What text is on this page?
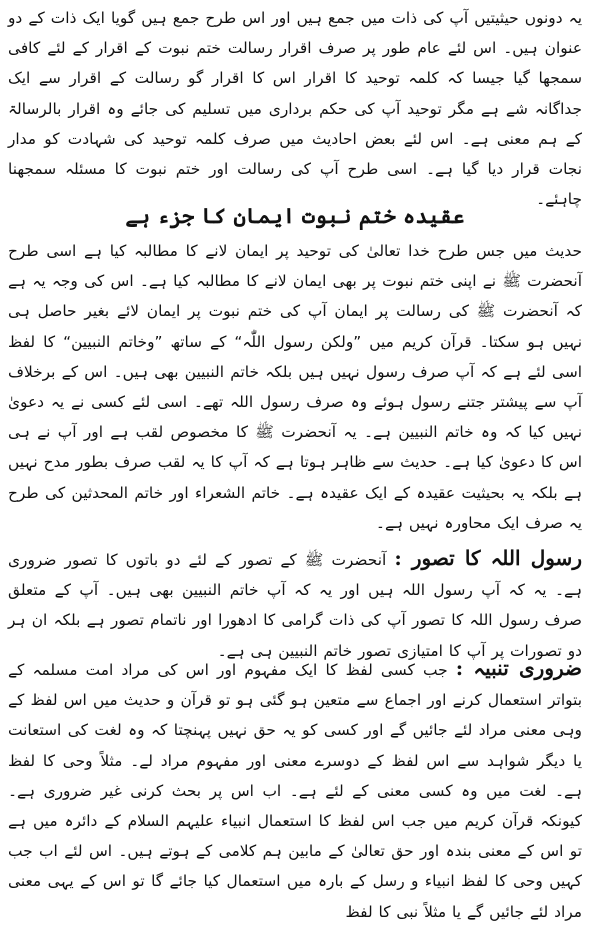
یہ دونوں حیثیتیں آپ کی ذات میں جمع ہیں اور اس طرح جمع ہیں گویا ایک ذات کے دو عنوان ہیں۔ اس لئے عام طور پر صرف اقرار رسالت ختم نبوت کے اقرار کے لئے کافی سمجھا گیا جیسا کہ کلمہ توحید کا اقرار اس کا اقرار گو رسالت کے اقرار سے ایک جداگانہ شے ہے مگر توحید آپ کی حکم برداری میں تسلیم کی جائے وہ اقرار بالرسالۃ کے ہم معنی ہے۔ اس لئے بعض احادیث میں صرف کلمہ توحید کی شہادت کو مدار نجات قرار دیا گیا ہے۔ اسی طرح آپ کی رسالت اور ختم نبوت کا مسئلہ سمجھنا چاہئے۔

عقیدہ ختم نبوت ایمان کا جزء ہے

حدیث میں جس طرح خدا تعالیٰ کی توحید پر ایمان لانے کا مطالبہ کیا ہے اسی طرح آنحضرت ﷺ نے اپنی ختم نبوت پر بھی ایمان لانے کا مطالبہ کیا ہے۔ اس کی وجہ یہ ہے کہ آنحضرت ﷺ کی رسالت پر ایمان آپ کی ختم نبوت پر ایمان لائے بغیر حاصل ہی نہیں ہو سکتا۔ قرآن کریم میں ”ولکن رسول اللّٰہ“ کے ساتھ ”وخاتم النبیین“ کا لفظ اسی لئے ہے کہ آپ صرف رسول نہیں ہیں بلکہ خاتم النبیین بھی ہیں۔ اس کے برخلاف آپ سے پیشتر جتنے رسول ہوئے وہ صرف رسول اللہ تھے۔ اسی لئے کسی نے یہ دعویٰ نہیں کیا کہ وہ خاتم النبیین ہے۔ یہ آنحضرت ﷺ کا مخصوص لقب ہے اور آپ نے ہی اس کا دعویٰ کیا ہے۔ حدیث سے ظاہر ہوتا ہے کہ آپ کا یہ لقب صرف بطور مدح نہیں ہے بلکہ یہ بحیثیت عقیدہ کے ایک عقیدہ ہے۔ خاتم الشعراء اور خاتم المحدثین کی طرح یہ صرف ایک محاورہ نہیں ہے۔

رسول اللہ کا تصور : آنحضرت ﷺ کے تصور کے لئے دو باتوں کا تصور ضروری ہے۔ یہ کہ آپ رسول اللہ ہیں اور یہ کہ آپ خاتم النبیین بھی ہیں۔ آپ کے متعلق صرف رسول اللہ کا تصور آپ کی ذات گرامی کا ادھورا اور ناتمام تصور ہے بلکہ ان ہر دو تصورات پر آپ کا امتیازی تصور خاتم النبیین ہی ہے۔

ضروری تنبیہ : جب کسی لفظ کا ایک مفہوم اور اس کی مراد امت مسلمہ کے بتواتر استعمال کرنے اور اجماع سے متعین ہو گئی ہو تو قرآن و حدیث میں اس لفظ کے وہی معنی مراد لئے جائیں گے اور کسی کو یہ حق نہیں پہنچتا کہ وہ لغت کی استعانت یا دیگر شواہد سے اس لفظ کے دوسرے معنی اور مفہوم مراد لے۔ مثلاً وحی کا لفظ ہے۔ لغت میں وہ کسی معنی کے لئے ہے۔ اب اس پر بحث کرنی غیر ضروری ہے۔ کیونکہ قرآن کریم میں جب اس لفظ کا استعمال انبیاء علیہم السلام کے دائرہ میں ہے تو اس کے معنی بندہ اور حق تعالیٰ کے مابین ہم کلامی کے ہوتے ہیں۔ اس لئے اب جب کہیں وحی کا لفظ انبیاء و رسل کے بارہ میں استعمال کیا جائے گا تو اس کے یہی معنی مراد لئے جائیں گے یا مثلاً نبی کا لفظ
